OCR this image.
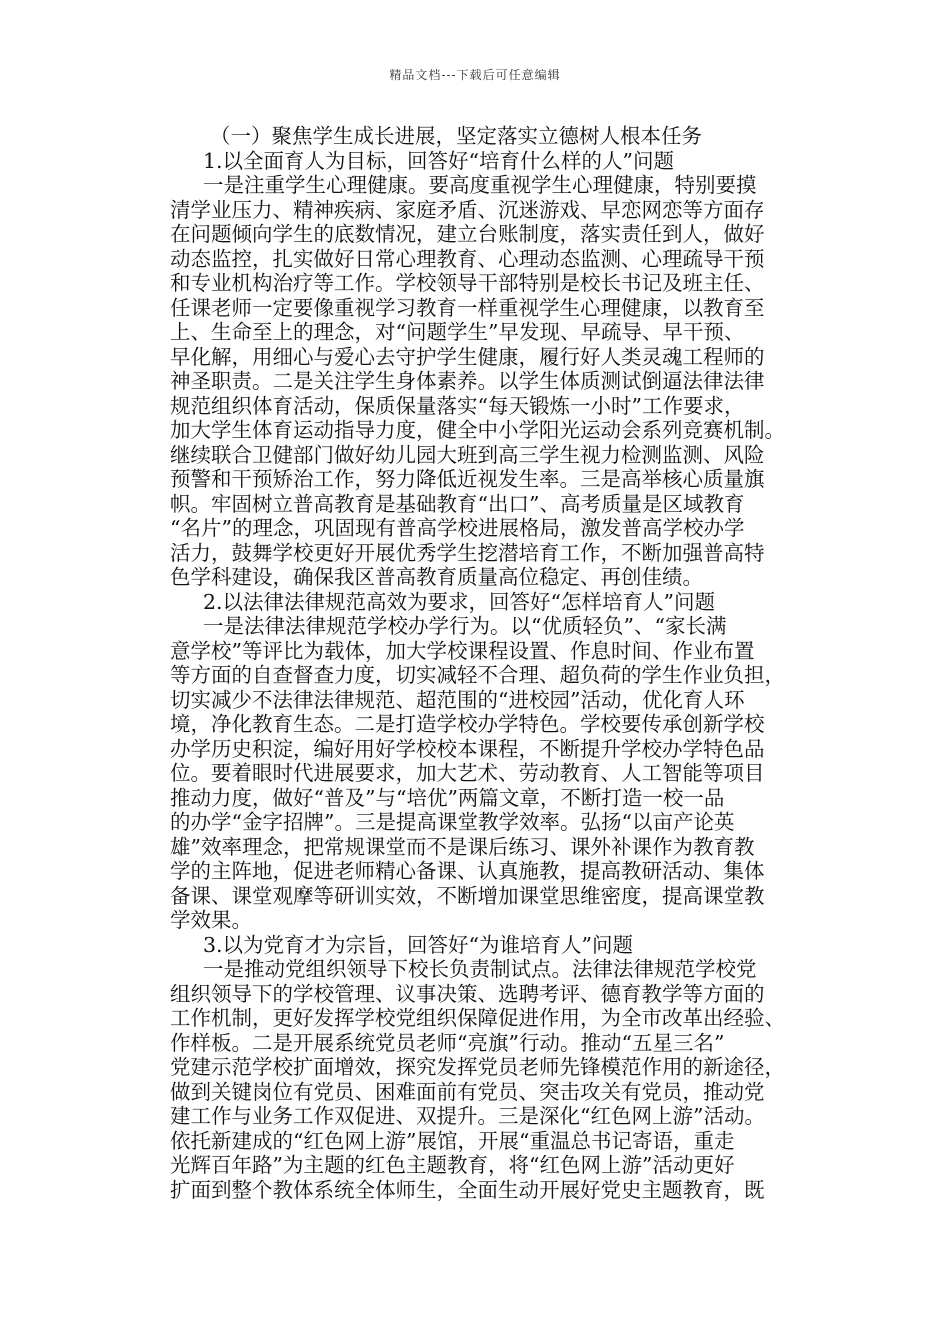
精品文档---下载后可任意编辑
（一）聚焦学生成长进展，坚定落实立德树人根本任务
1.以全面育人为目标，回答好“培育什么样的人”问题
一是注重学生心理健康。要高度重视学生心理健康，特别要摸
清学业压力、精神疾病、家庭矛盾、沉迷游戏、早恋网恋等方面存
在问题倾向学生的底数情况，建立台账制度，落实责任到人，做好
动态监控，扎实做好日常心理教育、心理动态监测、心理疏导干预
和专业机构治疗等工作。学校领导干部特别是校长书记及班主任、
任课老师一定要像重视学习教育一样重视学生心理健康，以教育至
上、生命至上的理念，对“问题学生”早发现、早疏导、早干预、
早化解，用细心与爱心去守护学生健康，履行好人类灵魂工程师的
神圣职责。二是关注学生身体素养。以学生体质测试倒逼法律法律
规范组织体育活动，保质保量落实“每天锻炼一小时”工作要求，
加大学生体育运动指导力度，健全中小学阳光运动会系列竞赛机制。
继续联合卫健部门做好幼儿园大班到高三学生视力检测监测、风险
预警和干预矫治工作，努力降低近视发生率。三是高举核心质量旗
帜。牢固树立普高教育是基础教育“出口”、高考质量是区域教育
“名片”的理念，巩固现有普高学校进展格局，激发普高学校办学
活力，鼓舞学校更好开展优秀学生挖潜培育工作，不断加强普高特
色学科建设，确保我区普高教育质量高位稳定、再创佳绩。
2.以法律法律规范高效为要求，回答好“怎样培育人”问题
一是法律法律规范学校办学行为。以“优质轻负”、“家长满
意学校”等评比为载体，加大学校课程设置、作息时间、作业布置
等方面的自查督查力度，切实减轻不合理、超负荷的学生作业负担，
切实减少不法律法律规范、超范围的“进校园”活动，优化育人环
境，净化教育生态。二是打造学校办学特色。学校要传承创新学校
办学历史积淀，编好用好学校校本课程，不断提升学校办学特色品
位。要着眼时代进展要求，加大艺术、劳动教育、人工智能等项目
推动力度，做好“普及”与“培优”两篇文章，不断打造一校一品
的办学“金字招牌”。三是提高课堂教学效率。弘扬“以亩产论英
雄”效率理念，把常规课堂而不是课后练习、课外补课作为教育教
学的主阵地，促进老师精心备课、认真施教，提高教研活动、集体
备课、课堂观摩等研训实效，不断增加课堂思维密度，提高课堂教
学效果。
3.以为党育才为宗旨，回答好“为谁培育人”问题
一是推动党组织领导下校长负责制试点。法律法律规范学校党
组织领导下的学校管理、议事决策、选聘考评、德育教学等方面的
工作机制，更好发挥学校党组织保障促进作用，为全市改革出经验、
作样板。二是开展系统党员老师“亮旗”行动。推动“五星三名”
党建示范学校扩面增效，探究发挥党员老师先锋模范作用的新途径，
做到关键岗位有党员、困难面前有党员、突击攻关有党员，推动党
建工作与业务工作双促进、双提升。三是深化“红色网上游”活动。
依托新建成的“红色网上游”展馆，开展“重温总书记寄语，重走
光辉百年路”为主题的红色主题教育，将“红色网上游”活动更好
扩面到整个教体系统全体师生，全面生动开展好党史主题教育，既
